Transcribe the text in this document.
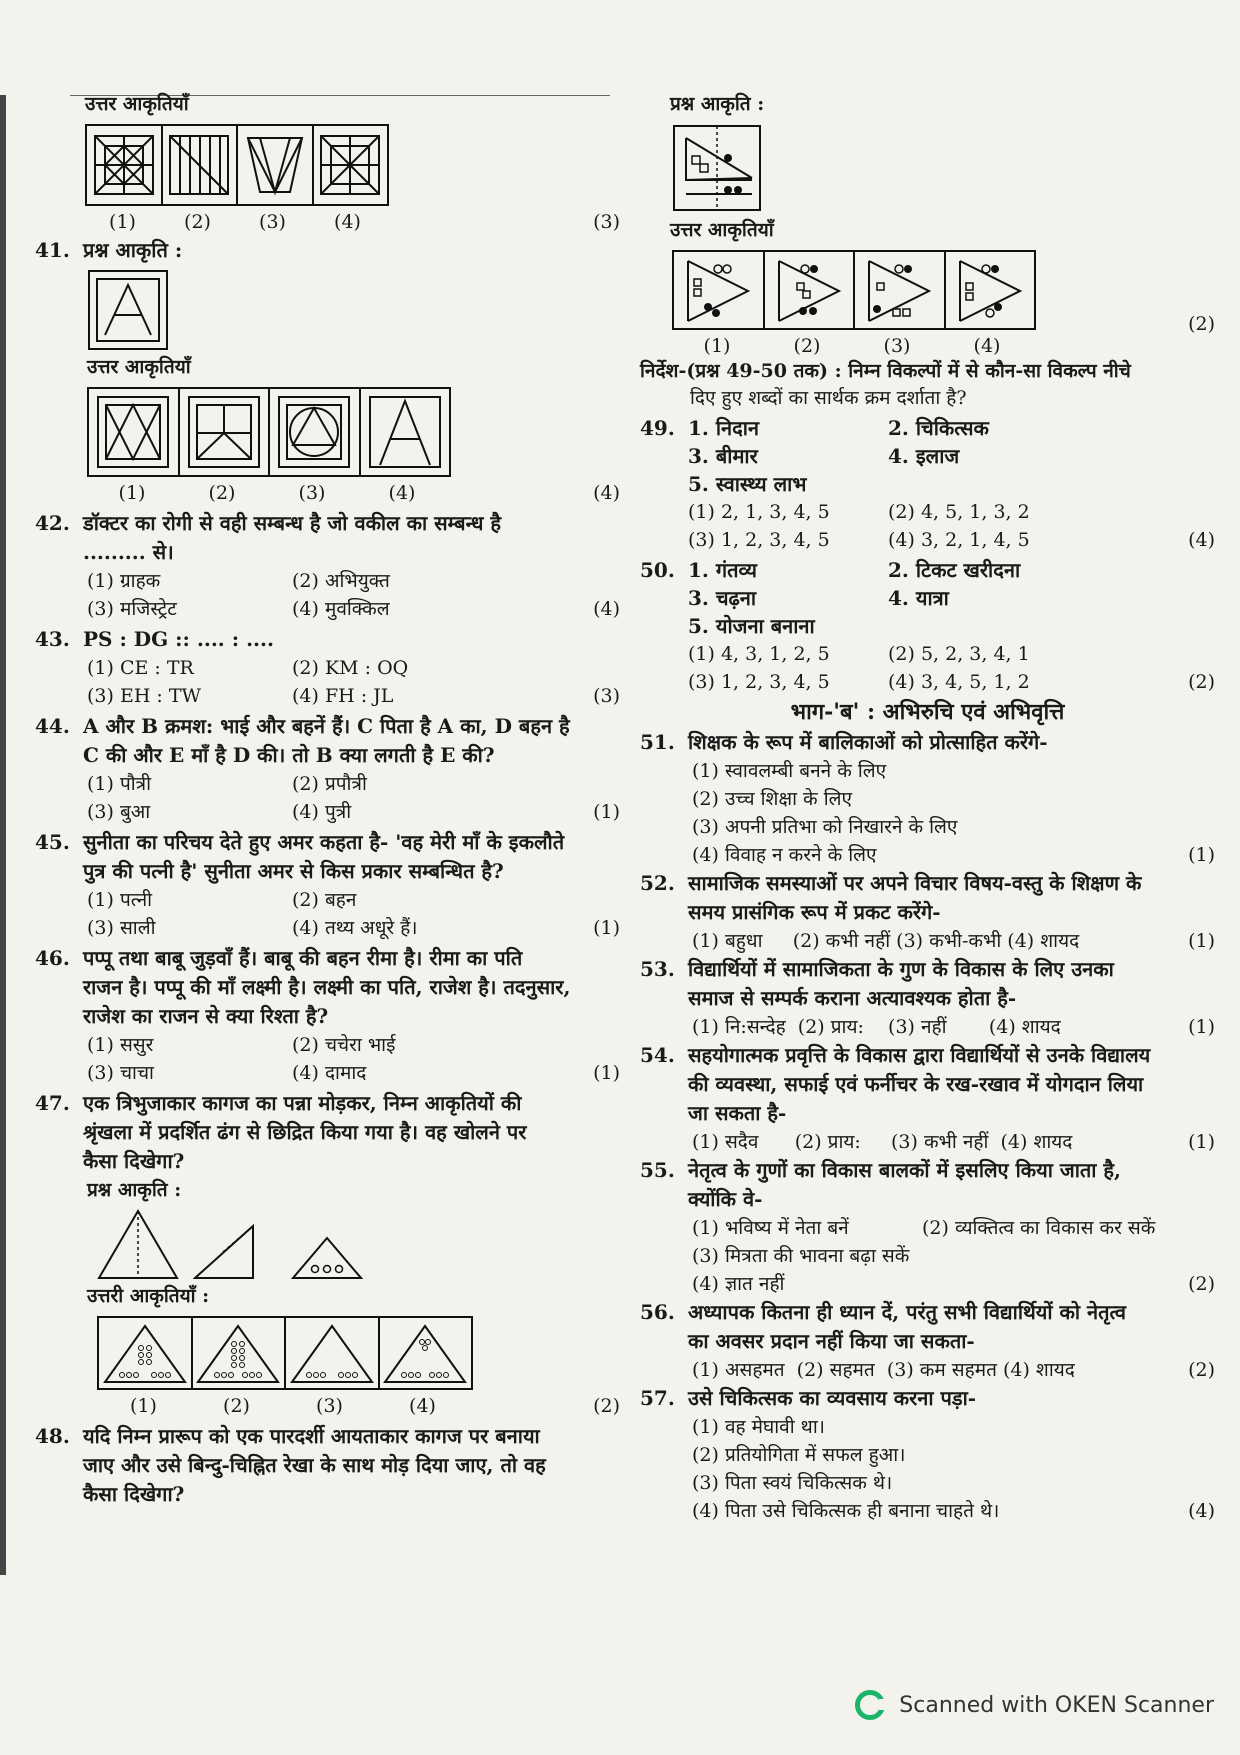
उत्तर आकृतियाँ
(1)	(2)	(3)	(4)	(3)
41. प्रश्न आकृति :
उत्तर आकृतियाँ
(1)	(2)	(3)	(4)	(4)
42. डॉक्टर का रोगी से वही सम्बन्ध है जो वकील का सम्बन्ध है
......... से।
(1) ग्राहक	(2) अभियुक्त
(3) मजिस्ट्रेट	(4) मुवक्किल	(4)
43. PS : DG :: .... : ....
(1) CE : TR	(2) KM : OQ
(3) EH : TW	(4) FH : JL	(3)
44. A और B क्रमश: भाई और बहनें हैं। C पिता है A का, D बहन है
C की और E माँ है D की। तो B क्या लगती है E की?
(1) पौत्री	(2) प्रपौत्री
(3) बुआ	(4) पुत्री	(1)
45. सुनीता का परिचय देते हुए अमर कहता है- 'वह मेरी माँ के इकलौते
पुत्र की पत्नी है' सुनीता अमर से किस प्रकार सम्बन्धित है?
(1) पत्नी	(2) बहन
(3) साली	(4) तथ्य अधूरे हैं।	(1)
46. पप्पू तथा बाबू जुड़वाँ हैं। बाबू की बहन रीमा है। रीमा का पति
राजन है। पप्पू की माँ लक्ष्मी है। लक्ष्मी का पति, राजेश है। तदनुसार,
राजेश का राजन से क्या रिश्ता है?
(1) ससुर	(2) चचेरा भाई
(3) चाचा	(4) दामाद	(1)
47. एक त्रिभुजाकार कागज का पन्ना मोड़कर, निम्न आकृतियों की
श्रृंखला में प्रदर्शित ढंग से छिद्रित किया गया है। वह खोलने पर
कैसा दिखेगा?
प्रश्न आकृति :
उत्तरी आकृतियाँ :
(1)	(2)	(3)	(4)	(2)
48. यदि निम्न प्रारूप को एक पारदर्शी आयताकार कागज पर बनाया
जाए और उसे बिन्दु-चिह्नित रेखा के साथ मोड़ दिया जाए, तो वह
कैसा दिखेगा?
प्रश्न आकृति :
उत्तर आकृतियाँ
(1)	(2)	(3)	(4)
(2)
निर्देश-(प्रश्न 49-50 तक) : निम्न विकल्पों में से कौन-सा विकल्प नीचे
दिए हुए शब्दों का सार्थक क्रम दर्शाता है?
49. 1. निदान	2. चिकित्सक
3. बीमार	4. इलाज
5. स्वास्थ्य लाभ
(1) 2, 1, 3, 4, 5	(2) 4, 5, 1, 3, 2
(3) 1, 2, 3, 4, 5	(4) 3, 2, 1, 4, 5	(4)
50. 1. गंतव्य	2. टिकट खरीदना
3. चढ़ना	4. यात्रा
5. योजना बनाना
(1) 4, 3, 1, 2, 5	(2) 5, 2, 3, 4, 1
(3) 1, 2, 3, 4, 5	(4) 3, 4, 5, 1, 2	(2)
भाग-'ब' : अभिरुचि एवं अभिवृत्ति
51. शिक्षक के रूप में बालिकाओं को प्रोत्साहित करेंगे-
(1) स्वावलम्बी बनने के लिए
(2) उच्च शिक्षा के लिए
(3) अपनी प्रतिभा को निखारने के लिए
(4) विवाह न करने के लिए	(1)
52. सामाजिक समस्याओं पर अपने विचार विषय-वस्तु के शिक्षण के
समय प्रासंगिक रूप में प्रकट करेंगे-
(1) बहुधा     (2) कभी नहीं (3) कभी-कभी (4) शायद	(1)
53. विद्यार्थियों में सामाजिकता के गुण के विकास के लिए उनका
समाज से सम्पर्क कराना अत्यावश्यक होता है-
(1) नि:सन्देह  (2) प्राय:    (3) नहीं       (4) शायद	(1)
54. सहयोगात्मक प्रवृत्ति के विकास द्वारा विद्यार्थियों से उनके विद्यालय
की व्यवस्था, सफाई एवं फर्नीचर के रख-रखाव में योगदान लिया
जा सकता है-
(1) सदैव      (2) प्राय:     (3) कभी नहीं  (4) शायद	(1)
55. नेतृत्व के गुणों का विकास बालकों में इसलिए किया जाता है,
क्योंकि वे-
(1) भविष्य में नेता बनें	(2) व्यक्तित्व का विकास कर सकें
(3) मित्रता की भावना बढ़ा सकें
(4) ज्ञात नहीं	(2)
56. अध्यापक कितना ही ध्यान दें, परंतु सभी विद्यार्थियों को नेतृत्व
का अवसर प्रदान नहीं किया जा सकता-
(1) असहमत  (2) सहमत  (3) कम सहमत (4) शायद	(2)
57. उसे चिकित्सक का व्यवसाय करना पड़ा-
(1) वह मेघावी था।
(2) प्रतियोगिता में सफल हुआ।
(3) पिता स्वयं चिकित्सक थे।
(4) पिता उसे चिकित्सक ही बनाना चाहते थे।	(4)
Scanned with OKEN Scanner
